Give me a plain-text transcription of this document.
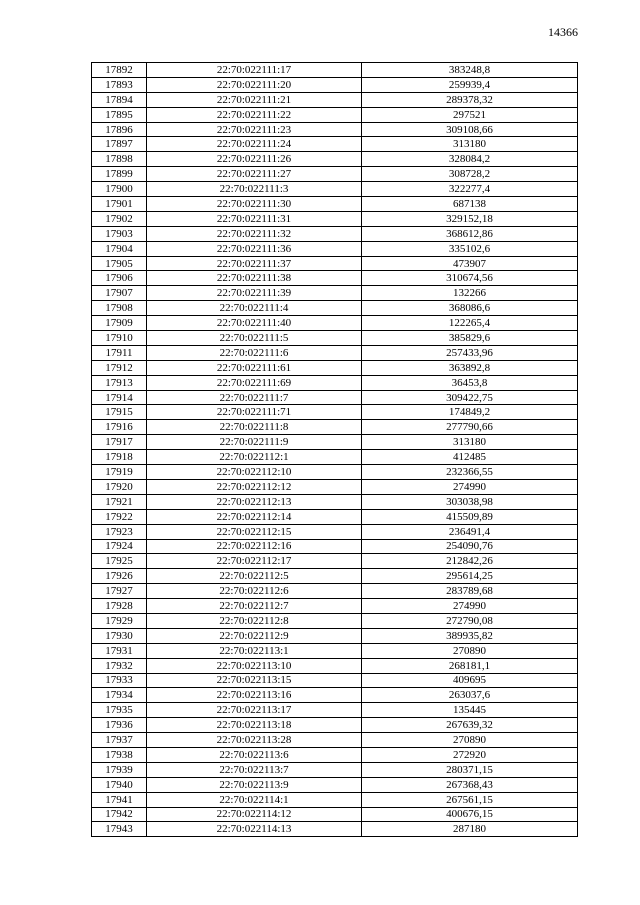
14366
17892	22:70:022111:17	383248,8
17893	22:70:022111:20	259939,4
17894	22:70:022111:21	289378,32
17895	22:70:022111:22	297521
17896	22:70:022111:23	309108,66
17897	22:70:022111:24	313180
17898	22:70:022111:26	328084,2
17899	22:70:022111:27	308728,2
17900	22:70:022111:3	322277,4
17901	22:70:022111:30	687138
17902	22:70:022111:31	329152,18
17903	22:70:022111:32	368612,86
17904	22:70:022111:36	335102,6
17905	22:70:022111:37	473907
17906	22:70:022111:38	310674,56
17907	22:70:022111:39	132266
17908	22:70:022111:4	368086,6
17909	22:70:022111:40	122265,4
17910	22:70:022111:5	385829,6
17911	22:70:022111:6	257433,96
17912	22:70:022111:61	363892,8
17913	22:70:022111:69	36453,8
17914	22:70:022111:7	309422,75
17915	22:70:022111:71	174849,2
17916	22:70:022111:8	277790,66
17917	22:70:022111:9	313180
17918	22:70:022112:1	412485
17919	22:70:022112:10	232366,55
17920	22:70:022112:12	274990
17921	22:70:022112:13	303038,98
17922	22:70:022112:14	415509,89
17923	22:70:022112:15	236491,4
17924	22:70:022112:16	254090,76
17925	22:70:022112:17	212842,26
17926	22:70:022112:5	295614,25
17927	22:70:022112:6	283789,68
17928	22:70:022112:7	274990
17929	22:70:022112:8	272790,08
17930	22:70:022112:9	389935,82
17931	22:70:022113:1	270890
17932	22:70:022113:10	268181,1
17933	22:70:022113:15	409695
17934	22:70:022113:16	263037,6
17935	22:70:022113:17	135445
17936	22:70:022113:18	267639,32
17937	22:70:022113:28	270890
17938	22:70:022113:6	272920
17939	22:70:022113:7	280371,15
17940	22:70:022113:9	267368,43
17941	22:70:022114:1	267561,15
17942	22:70:022114:12	400676,15
17943	22:70:022114:13	287180
